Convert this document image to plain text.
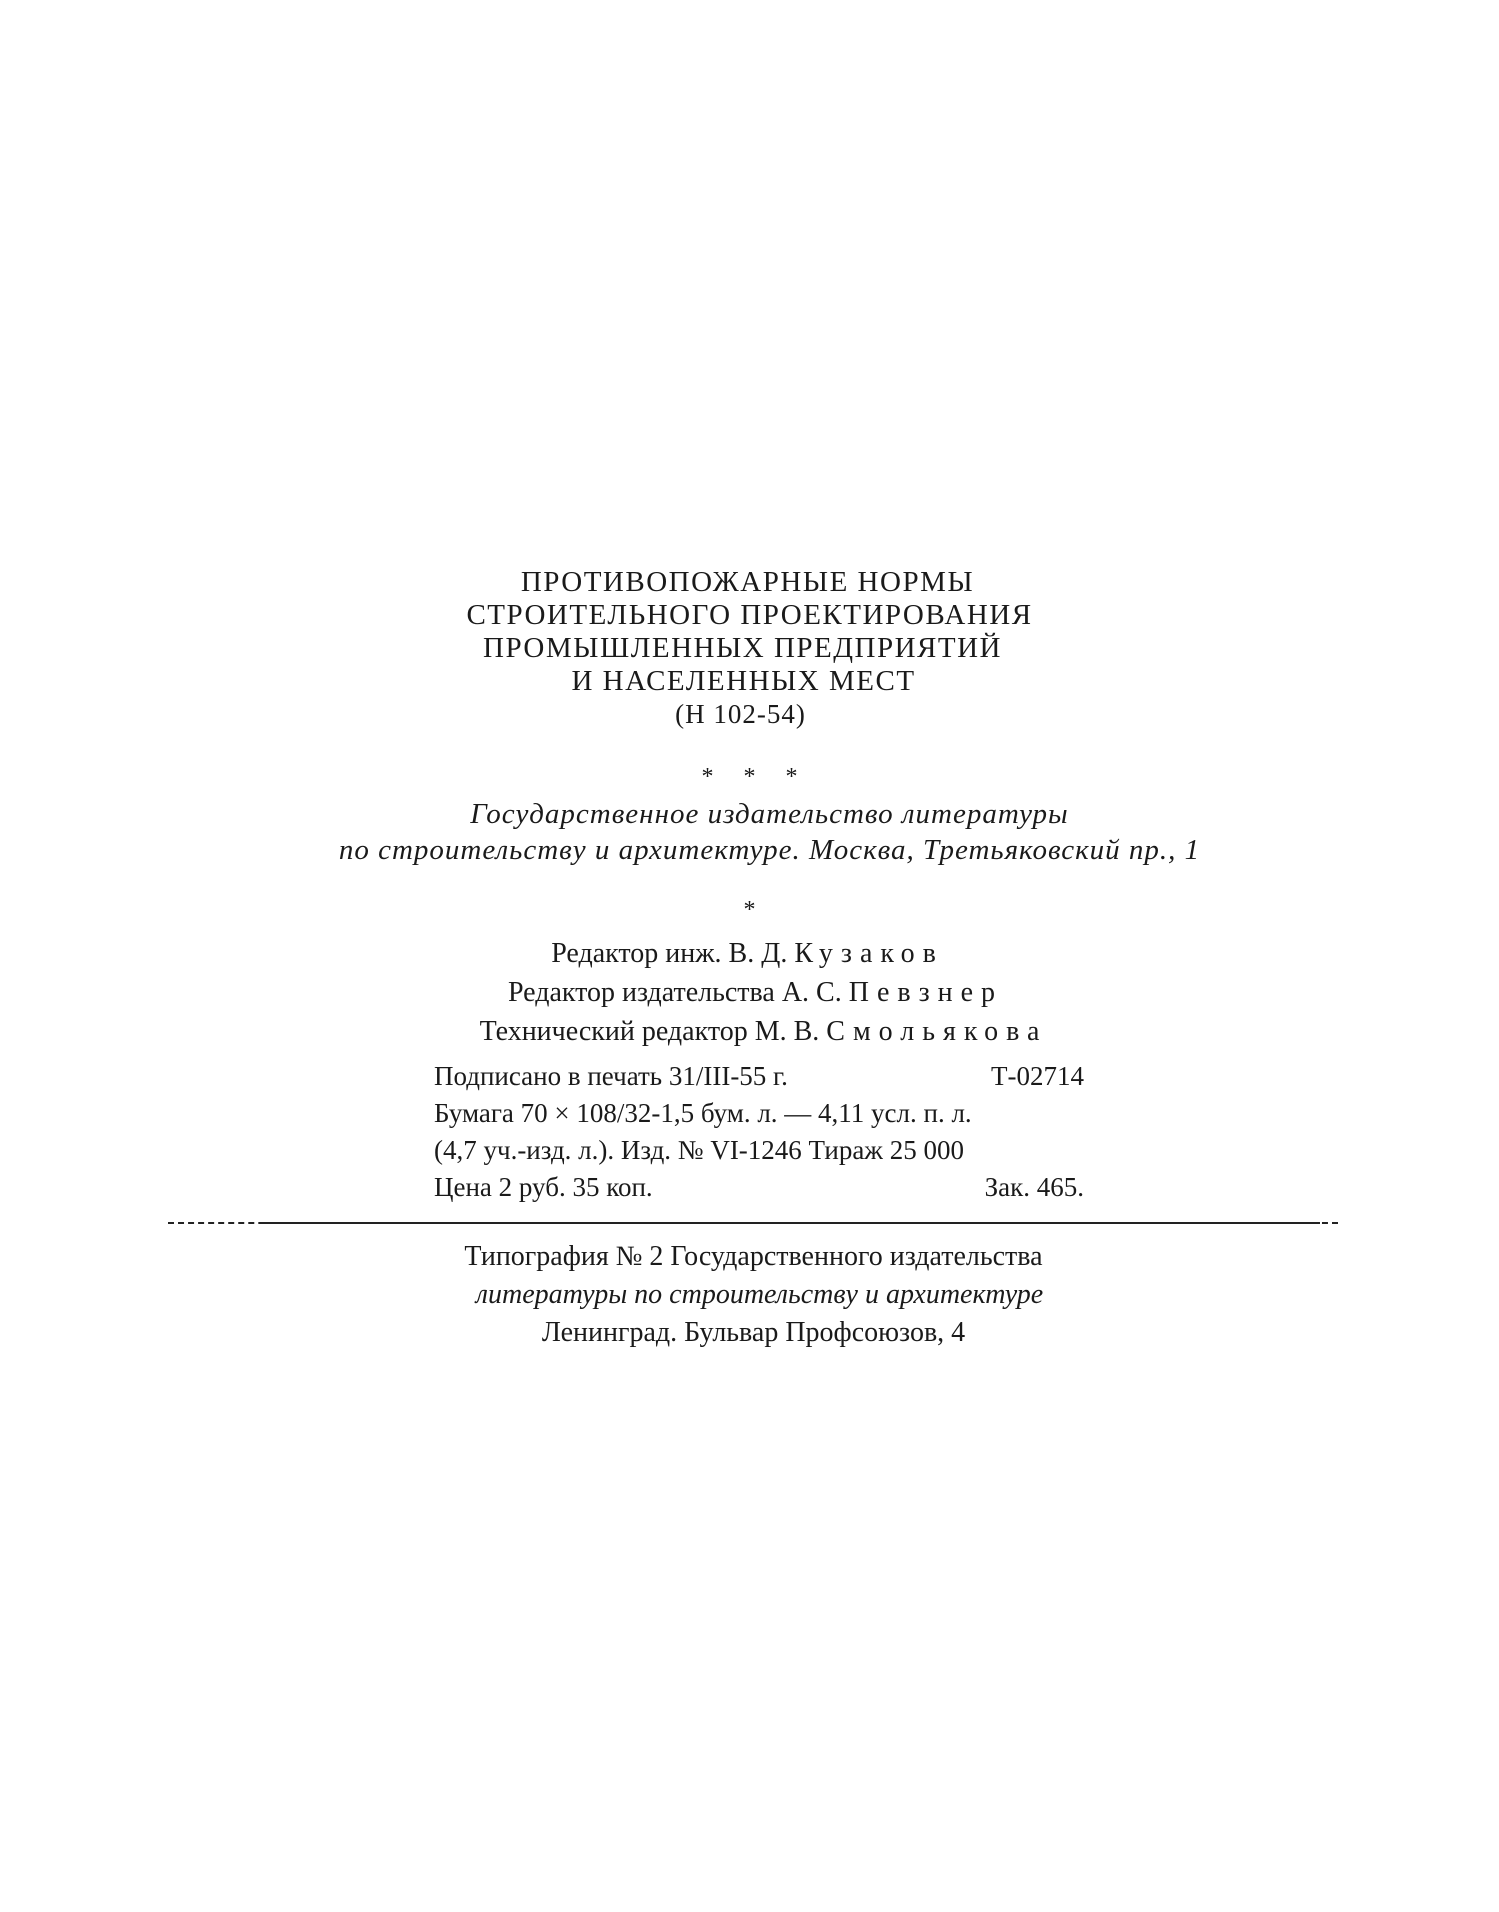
ПРОТИВОПОЖАРНЫЕ НОРМЫ
СТРОИТЕЛЬНОГО ПРОЕКТИРОВАНИЯ
ПРОМЫШЛЕННЫХ ПРЕДПРИЯТИЙ
И НАСЕЛЕННЫХ МЕСТ
(Н 102-54)
* * *
Государственное издательство литературы
по строительству и архитектуре. Москва, Третьяковский пр., 1
*
Редактор инж. В. Д. Кузаков
Редактор издательства А. С. Певзнер
Технический редактор М. В. Смольякова
Подписано в печать 31/III-55 г.	Т-02714
Бумага 70 × 108/32-1,5 бум. л. — 4,11 усл. п. л.
(4,7 уч.-изд. л.). Изд. № VI-1246 Тираж 25 000
Цена 2 руб. 35 коп.	Зак. 465.
Типография № 2 Государственного издательства
литературы по строительству и архитектуре
Ленинград. Бульвар Профсоюзов, 4
